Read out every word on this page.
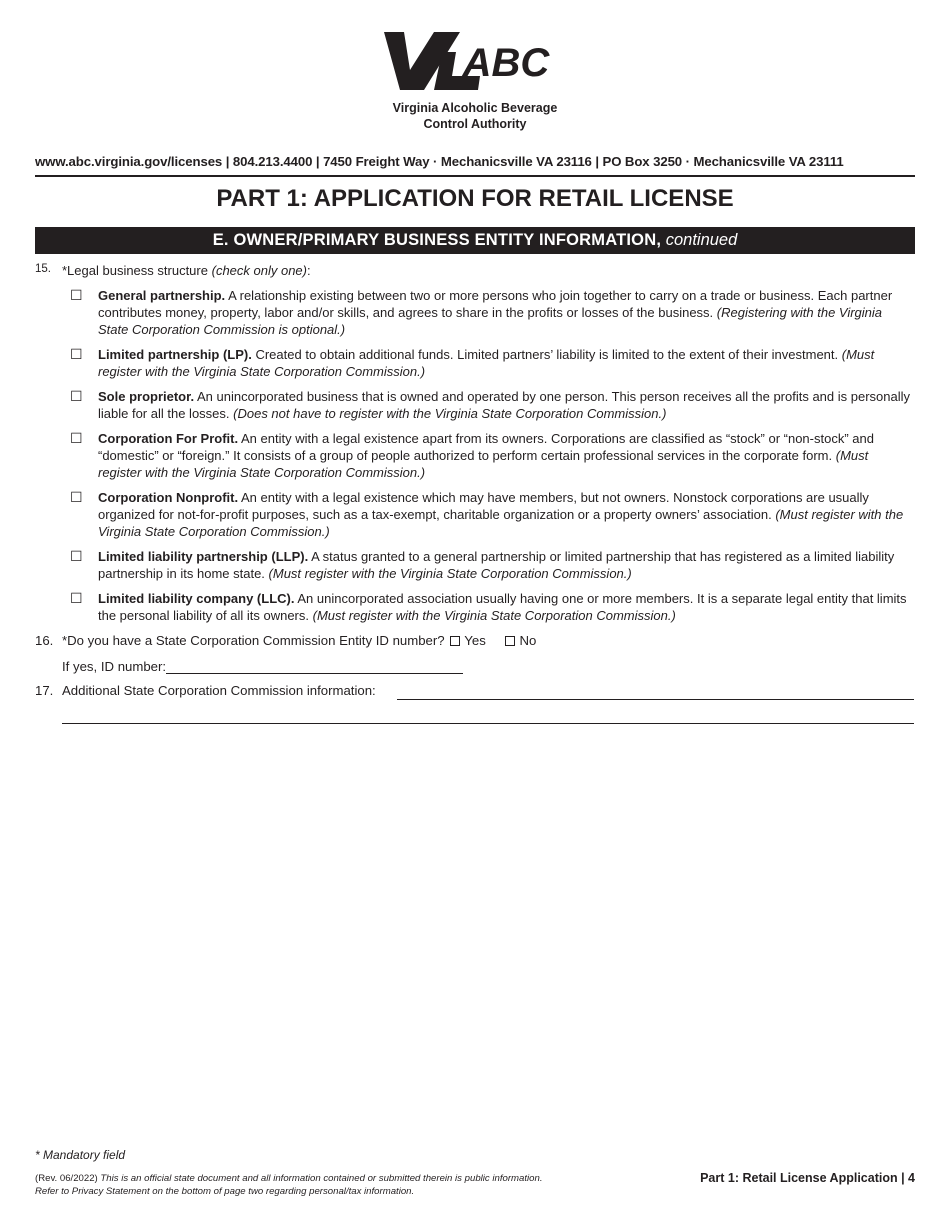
ABC
Virginia Alcoholic Beverage
Control Authority
www.abc.virginia.gov/licenses | 804.213.4400 | 7450 Freight Way · Mechanicsville VA 23116 | PO Box 3250 · Mechanicsville VA 23111
PART 1: APPLICATION FOR RETAIL LICENSE
E. OWNER/PRIMARY BUSINESS ENTITY INFORMATION, continued
15. *Legal business structure (check only one):
☐	General partnership. A relationship existing between two or more persons who join together to carry on a trade or business. Each partner contributes money, property, labor and/or skills, and agrees to share in the profits or losses of the business. (Registering with the Virginia State Corporation Commission is optional.)
☐	Limited partnership (LP). Created to obtain additional funds. Limited partners’ liability is limited to the extent of their investment. (Must register with the Virginia State Corporation Commission.)
☐	Sole proprietor. An unincorporated business that is owned and operated by one person. This person receives all the profits and is personally liable for all the losses. (Does not have to register with the Virginia State Corporation Commission.)
☐	Corporation For Profit. An entity with a legal existence apart from its owners. Corporations are classified as “stock” or “non-stock” and “domestic” or “foreign.” It consists of a group of people authorized to perform certain professional services in the corporate form. (Must register with the Virginia State Corporation Commission.)
☐	Corporation Nonprofit. An entity with a legal existence which may have members, but not owners. Nonstock corporations are usually organized for not-for-profit purposes, such as a tax-exempt, charitable organization or a property owners’ association. (Must register with the Virginia State Corporation Commission.)
☐	Limited liability partnership (LLP). A status granted to a general partnership or limited partnership that has registered as a limited liability partnership in its home state. (Must register with the Virginia State Corporation Commission.)
☐	Limited liability company (LLC). An unincorporated association usually having one or more members. It is a separate legal entity that limits the personal liability of all its owners. (Must register with the Virginia State Corporation Commission.)
16. *Do you have a State Corporation Commission Entity ID number? Yes	No
If yes, ID number:
17. Additional State Corporation Commission information:
* Mandatory field
(Rev. 06/2022) This is an official state document and all information contained or submitted therein is public information.
Refer to Privacy Statement on the bottom of page two regarding personal/tax information.
Part 1: Retail License Application | 4
